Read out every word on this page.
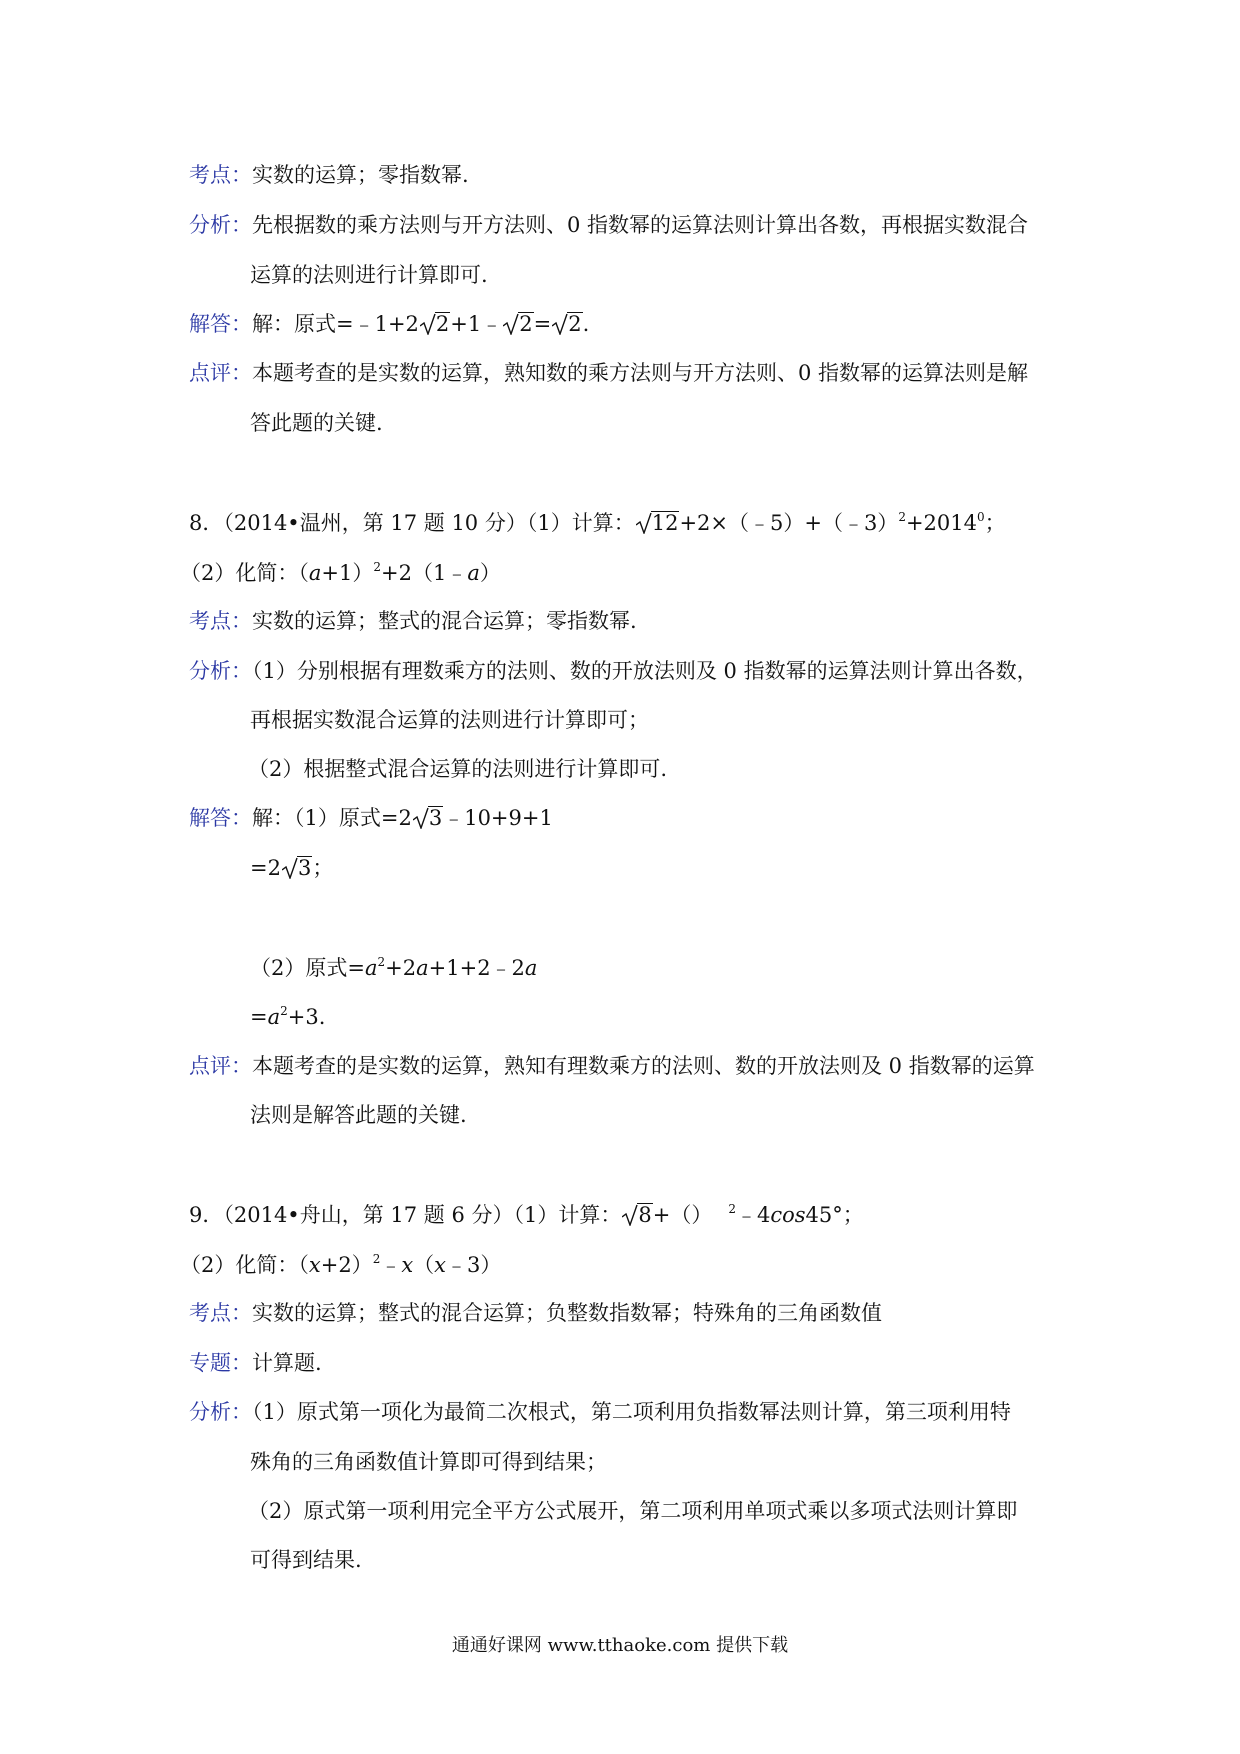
考点：实数的运算；零指数幂.
分析：先根据数的乘方法则与开方法则、0 指数幂的运算法则计算出各数，再根据实数混合
运算的法则进行计算即可.
解答：解：原式=﹣1+2 2+1﹣ 2= 2.
点评：本题考查的是实数的运算，熟知数的乘方法则与开方法则、0 指数幂的运算法则是解
答此题的关键.
8．（2014•温州，第 17 题 10 分）（1）计算： $12+2\times(﹣5)+(﹣3)^2+2014^0$；
（2）化简：$(a+1)^2+2(1﹣a)$
考点：实数的运算；整式的混合运算；零指数幂.
分析：（1）分别根据有理数乘方的法则、数的开放法则及 0 指数幂的运算法则计算出各数，
再根据实数混合运算的法则进行计算即可；
（2）根据整式混合运算的法则进行计算即可.
解答：解：（1）原式=2 3﹣10+9+1
=2 3；
（2）原式$=a^2+2a+1+2﹣2a$
$=a^2+3$.
点评：本题考查的是实数的运算，熟知有理数乘方的法则、数的开放法则及 0 指数幂的运算
法则是解答此题的关键.
9．（2014•舟山，第 17 题 6 分）（1）计算： 8+（） $^2$﹣4cos45°；
（2）化简：$(x+2)^2﹣x(x﹣3)$
考点：实数的运算；整式的混合运算；负整数指数幂；特殊角的三角函数值
专题：计算题.
分析：（1）原式第一项化为最简二次根式，第二项利用负指数幂法则计算，第三项利用特
殊角的三角函数值计算即可得到结果；
（2）原式第一项利用完全平方公式展开，第二项利用单项式乘以多项式法则计算即
可得到结果.
通通好课网 www.tthaoke.com 提供下载
